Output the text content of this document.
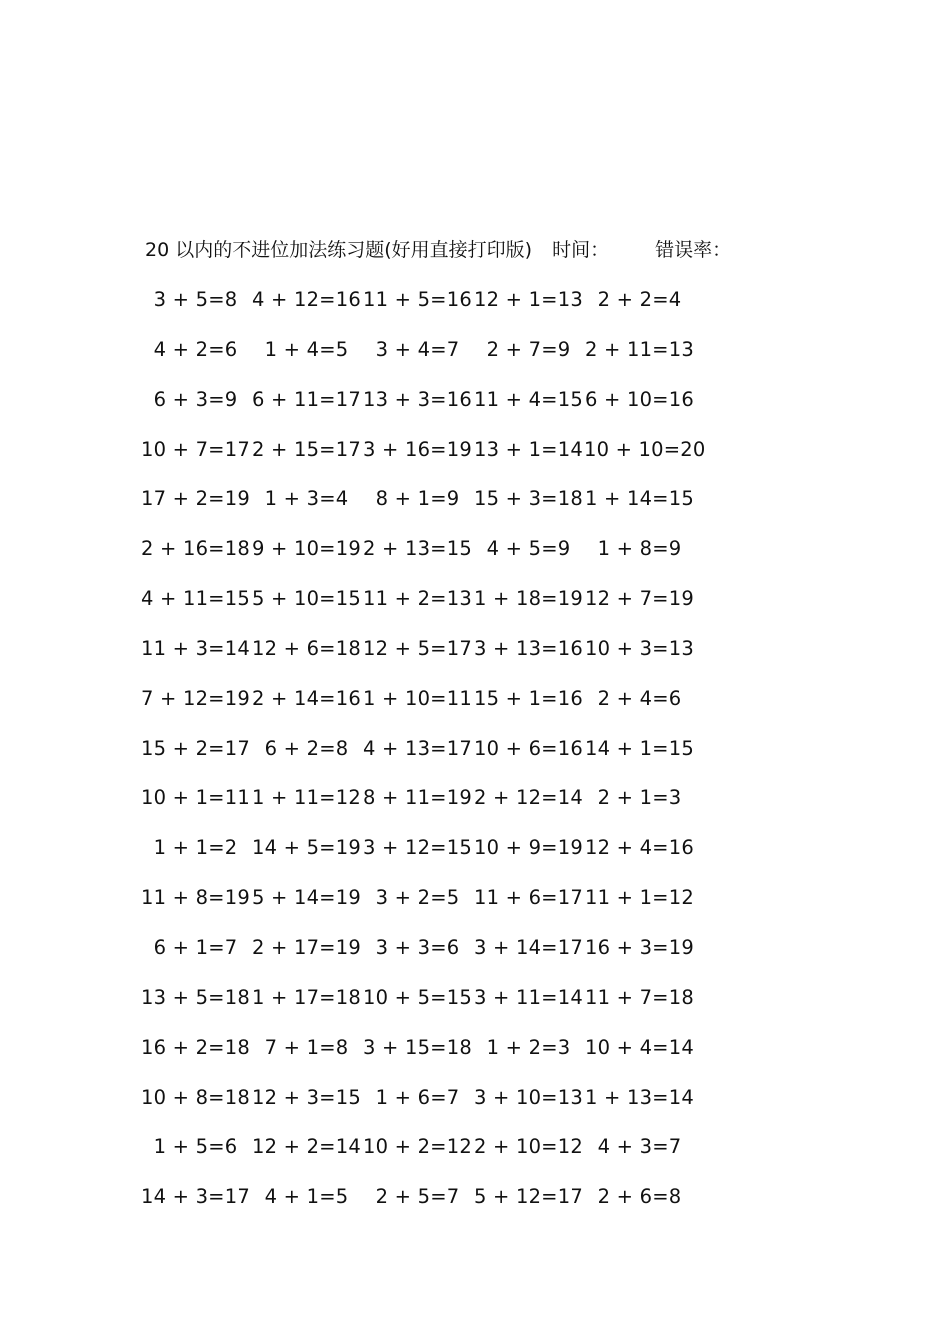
20 以内的不进位加法练习题(好用直接打印版) 时间： 错误率：
3 + 5=8 4 + 12=16 11 + 5=16 12 + 1=13 2 + 2=4
4 + 2=6	1 + 4=5	3 + 4=7	2 + 7=9 2 + 11=13
6 + 3=9 6 + 11=17 13 + 3=16 11 + 4=15 6 + 10=16
10 + 7=17 2 + 15=17 3 + 16=19 13 + 1=14 10 + 10=20
17 + 2=19 1 + 3=4	8 + 1=9 15 + 3=18 1 + 14=15
2 + 16=18 9 + 10=19 2 + 13=15 4 + 5=9	1 + 8=9
4 + 11=15 5 + 10=15 11 + 2=13 1 + 18=19 12 + 7=19
11 + 3=14 12 + 6=18 12 + 5=17 3 + 13=16 10 + 3=13
7 + 12=19 2 + 14=16 1 + 10=11 15 + 1=16 2 + 4=6
15 + 2=17 6 + 2=8 4 + 13=17 10 + 6=16 14 + 1=15
10 + 1=11 1 + 11=12 8 + 11=19 2 + 12=14 2 + 1=3
1 + 1=2 14 + 5=19 3 + 12=15 10 + 9=19 12 + 4=16
11 + 8=19 5 + 14=19 3 + 2=5 11 + 6=17 11 + 1=12
6 + 1=7 2 + 17=19 3 + 3=6 3 + 14=17 16 + 3=19
13 + 5=18 1 + 17=18 10 + 5=15 3 + 11=14 11 + 7=18
16 + 2=18 7 + 1=8 3 + 15=18 1 + 2=3 10 + 4=14
10 + 8=18 12 + 3=15 1 + 6=7 3 + 10=13 1 + 13=14
1 + 5=6 12 + 2=14 10 + 2=12 2 + 10=12 4 + 3=7
14 + 3=17 4 + 1=5	2 + 5=7 5 + 12=17 2 + 6=8
